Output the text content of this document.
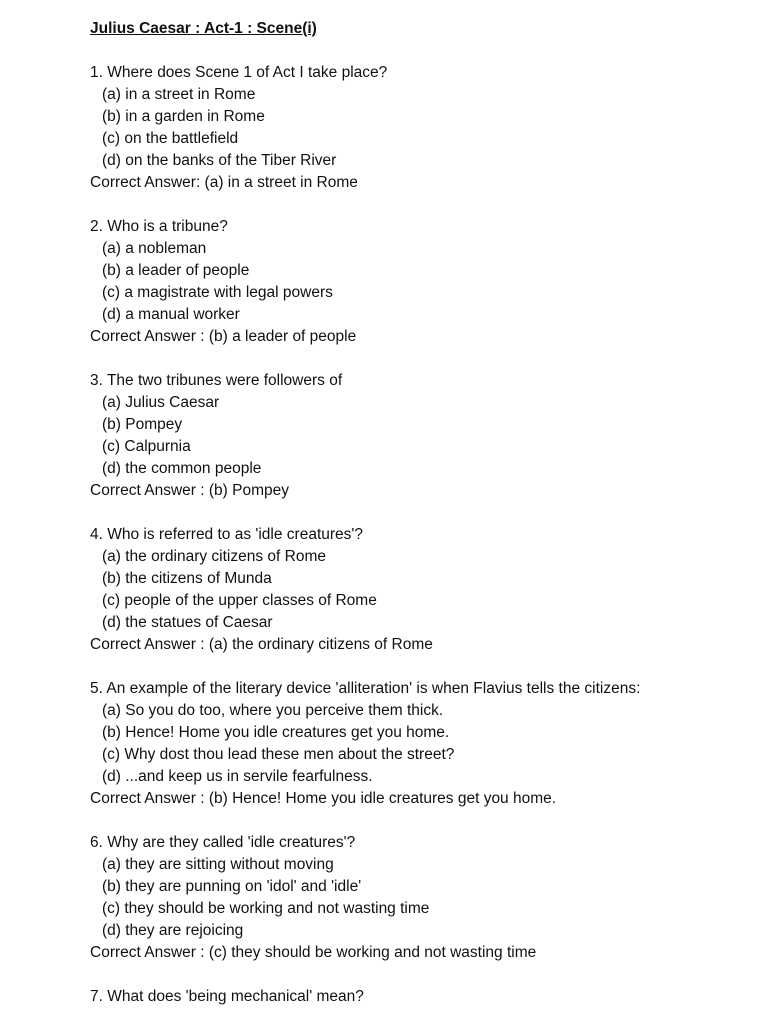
Julius Caesar : Act-1 : Scene(i)

1. Where does Scene 1 of Act I take place?

(a) in a street in Rome
(b) in a garden in Rome
(c) on the battlefield
(d) on the banks of the Tiber River

Correct Answer: (a) in a street in Rome

2. Who is a tribune?

(a) a nobleman
(b) a leader of people
(c) a magistrate with legal powers
(d) a manual worker

Correct Answer : (b) a leader of people

3. The two tribunes were followers of

(a) Julius Caesar
(b) Pompey
(c) Calpurnia
(d) the common people

Correct Answer : (b) Pompey

4. Who is referred to as 'idle creatures'?

(a) the ordinary citizens of Rome
(b) the citizens of Munda
(c) people of the upper classes of Rome
(d) the statues of Caesar

Correct Answer : (a) the ordinary citizens of Rome

5. An example of the literary device 'alliteration' is when Flavius tells the citizens:

(a) So you do too, where you perceive them thick.
(b) Hence! Home you idle creatures get you home.
(c) Why dost thou lead these men about the street?
(d) ...and keep us in servile fearfulness.

Correct Answer : (b) Hence! Home you idle creatures get you home.

6. Why are they called 'idle creatures'?

(a) they are sitting without moving
(b) they are punning on 'idol' and 'idle'
(c) they should be working and not wasting time
(d) they are rejoicing

Correct Answer : (c) they should be working and not wasting time

7. What does 'being mechanical' mean?
